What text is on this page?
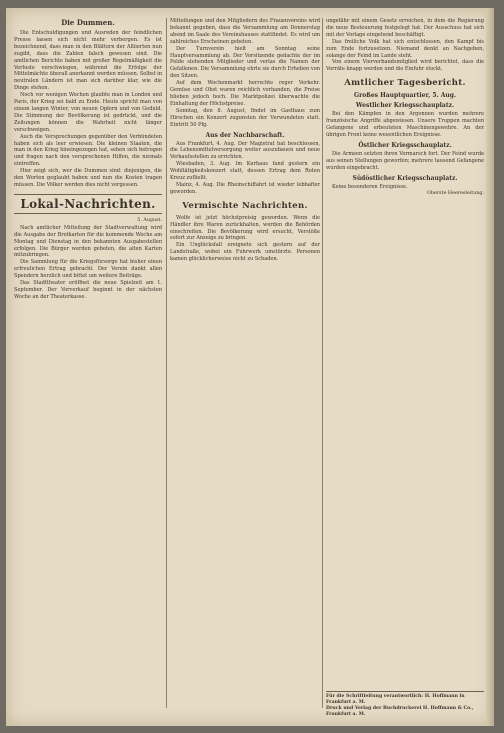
Die Dummen.

Die Entschuldigungen und Ausreden der feindlichen Presse lassen sich nicht mehr verbergen. Es ist bezeichnend, dass man in den Blättern der Alliierten nun zugibt, dass die Zahlen falsch gewesen sind. Die amtlichen Berichte haben mit großer Regelmäßigkeit die Verluste verschwiegen, während die Erfolge der Mittelmächte überall anerkannt werden müssen. Selbst in neutralen Ländern ist man sich darüber klar, wie die Dinge stehen.

Noch vor wenigen Wochen glaubte man in London und Paris, der Krieg sei bald zu Ende. Heute spricht man von einem langen Winter, von neuen Opfern und von Geduld. Die Stimmung der Bevölkerung ist gedrückt, und die Zeitungen können die Wahrheit nicht länger verschweigen.

Auch die Versprechungen gegenüber den Verbündeten haben sich als leer erwiesen. Die kleinen Staaten, die man in den Krieg hineingezogen hat, sehen sich betrogen und fragen nach den versprochenen Hilfen, die niemals eintreffen.

Hier zeigt sich, wer die Dummen sind: diejenigen, die den Worten geglaubt haben und nun die Kosten tragen müssen. Die Völker werden dies nicht vergessen.

Lokal-Nachrichten.
5. August.

Nach amtlicher Mitteilung der Stadtverwaltung wird die Ausgabe der Brotkarten für die kommende Woche am Montag und Dienstag in den bekannten Ausgabestellen erfolgen. Die Bürger werden gebeten, die alten Karten mitzubringen.

Die Sammlung für die Kriegsfürsorge hat bisher einen erfreulichen Ertrag gebracht. Der Verein dankt allen Spendern herzlich und bittet um weitere Beiträge.

Das Stadttheater eröffnet die neue Spielzeit am 1. September. Der Vorverkauf beginnt in der nächsten Woche an der Theaterkasse.

Mitteilungen und den Mitgliedern des Frauenvereins wird bekannt gegeben, dass die Versammlung am Donnerstag abend im Saale des Vereinshauses stattfindet. Es wird um zahlreiches Erscheinen gebeten.

Der Turnverein hielt am Sonntag seine Hauptversammlung ab. Der Vorsitzende gedachte der im Felde stehenden Mitglieder und verlas die Namen der Gefallenen. Die Versammlung ehrte sie durch Erheben von den Sitzen.

Auf dem Wochenmarkt herrschte reger Verkehr. Gemüse und Obst waren reichlich vorhanden, die Preise blieben jedoch hoch. Die Marktpolizei überwachte die Einhaltung der Höchstpreise.

Sonntag, den 8. August, findet im Gasthaus zum Hirschen ein Konzert zugunsten der Verwundeten statt. Eintritt 50 Pfg.

Aus der Nachbarschaft.

Aus Frankfurt, 4. Aug. Der Magistrat hat beschlossen, die Lebensmittelversorgung weiter auszubauen und neue Verkaufsstellen zu errichten.

Wiesbaden, 3. Aug. Im Kurhaus fand gestern ein Wohltätigkeitskonzert statt, dessen Ertrag dem Roten Kreuz zufließt.

Mainz, 4. Aug. Die Rheinschiffahrt ist wieder lebhafter geworden.

Vermischte Nachrichten.

Wolfe ist jetzt höchstpreisig geworden. Wenn die Händler ihre Waren zurückhalten, werden die Behörden einschreiten. Die Bevölkerung wird ersucht, Verstöße sofort zur Anzeige zu bringen.

Ein Unglücksfall ereignete sich gestern auf der Landstraße, wobei ein Fuhrwerk umstürzte. Personen kamen glücklicherweise nicht zu Schaden.

ungefähr mit einem Gesetz erreichen, in dem die Regierung die neue Besteuerung festgelegt hat. Der Ausschuss hat sich mit der Vorlage eingehend beschäftigt.

Das freiliche Volk hat sich entschlossen, den Kampf bis zum Ende fortzusetzen. Niemand denkt an Nachgeben, solange der Feind im Lande steht.

Von einem Vierverbandsmitglied wird berichtet, dass die Vorräte knapp werden und die Einfuhr stockt.

Amtlicher Tagesbericht.
Großes Hauptquartier, 5. Aug.
Westlicher Kriegsschauplatz.

Bei den Kämpfen in den Argonnen wurden mehrere französische Angriffe abgewiesen. Unsere Truppen machten Gefangene und erbeuteten Maschinengewehre. An der übrigen Front keine wesentlichen Ereignisse.

Östlicher Kriegsschauplatz.

Die Armeen setzten ihren Vormarsch fort. Der Feind wurde aus seinen Stellungen geworfen; mehrere tausend Gefangene wurden eingebracht.

Südöstlicher Kriegsschauplatz.

Keine besonderen Ereignisse.

Oberste Heeresleitung.
Für die Schriftleitung verantwortlich: H. Hoffmann in Frankfurt a. M.
Druck und Verlag der Buchdruckerei H. Hoffmann & Co., Frankfurt a. M.
